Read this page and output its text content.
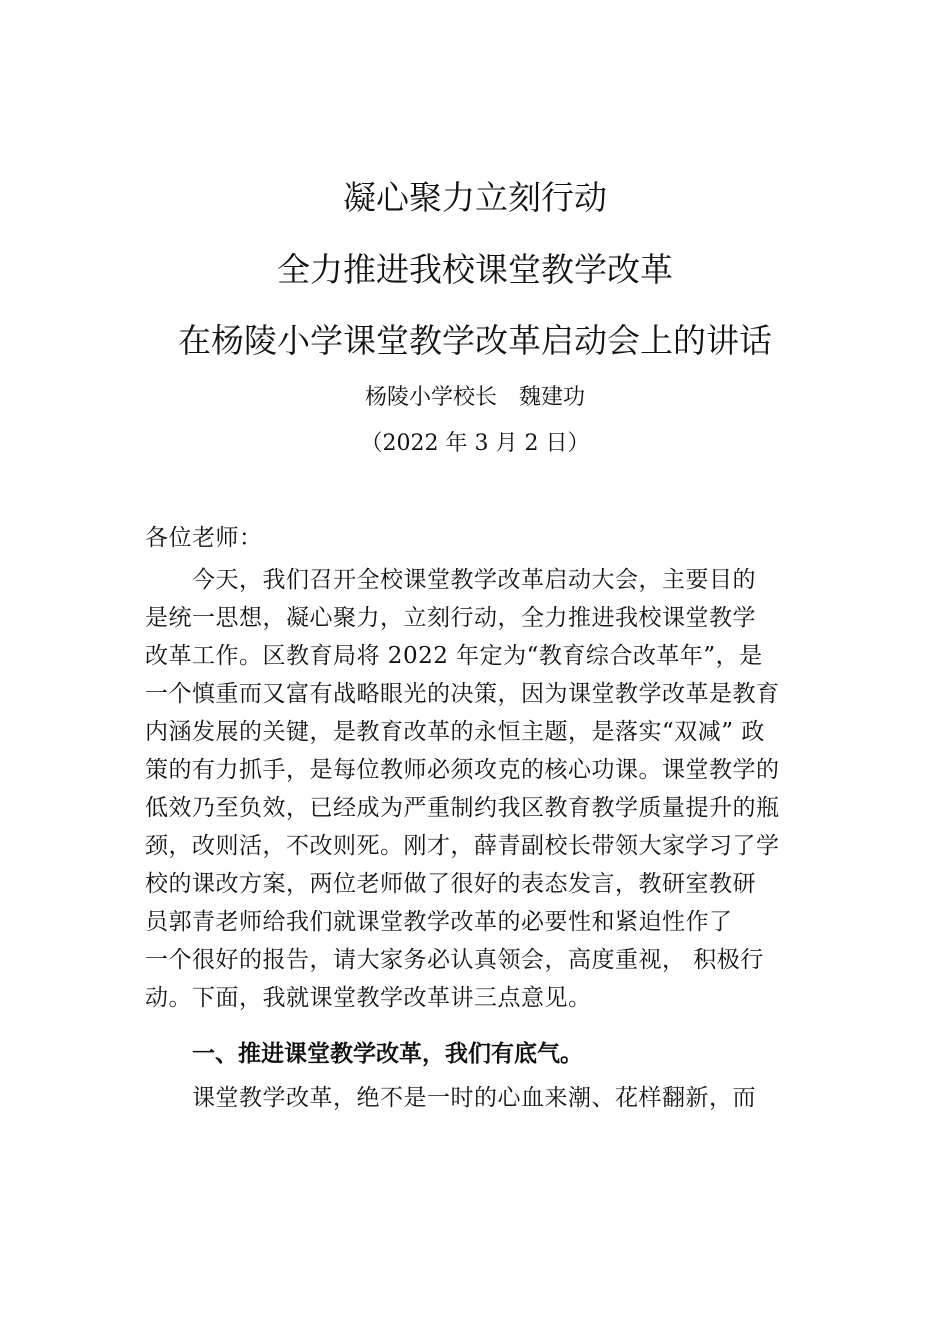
凝心聚力立刻行动
全力推进我校课堂教学改革
在杨陵小学课堂教学改革启动会上的讲话
杨陵小学校长　魏建功
（2022 年 3 月 2 日）
各位老师：
　　今天，我们召开全校课堂教学改革启动大会，主要目的
是统一思想，凝心聚力，立刻行动，全力推进我校课堂教学
改革工作。区教育局将 2022 年定为“教育综合改革年”，是
一个慎重而又富有战略眼光的决策，因为课堂教学改革是教育
内涵发展的关键，是教育改革的永恒主题，是落实“双减” 政
策的有力抓手，是每位教师必须攻克的核心功课。课堂教学的
低效乃至负效，已经成为严重制约我区教育教学质量提升的瓶
颈，改则活，不改则死。刚才，薛青副校长带领大家学习了学
校的课改方案，两位老师做了很好的表态发言，教研室教研
员郭青老师给我们就课堂教学改革的必要性和紧迫性作了
一个很好的报告，请大家务必认真领会，高度重视， 积极行
动。下面，我就课堂教学改革讲三点意见。
一、推进课堂教学改革，我们有底气。
　　课堂教学改革，绝不是一时的心血来潮、花样翻新，而
